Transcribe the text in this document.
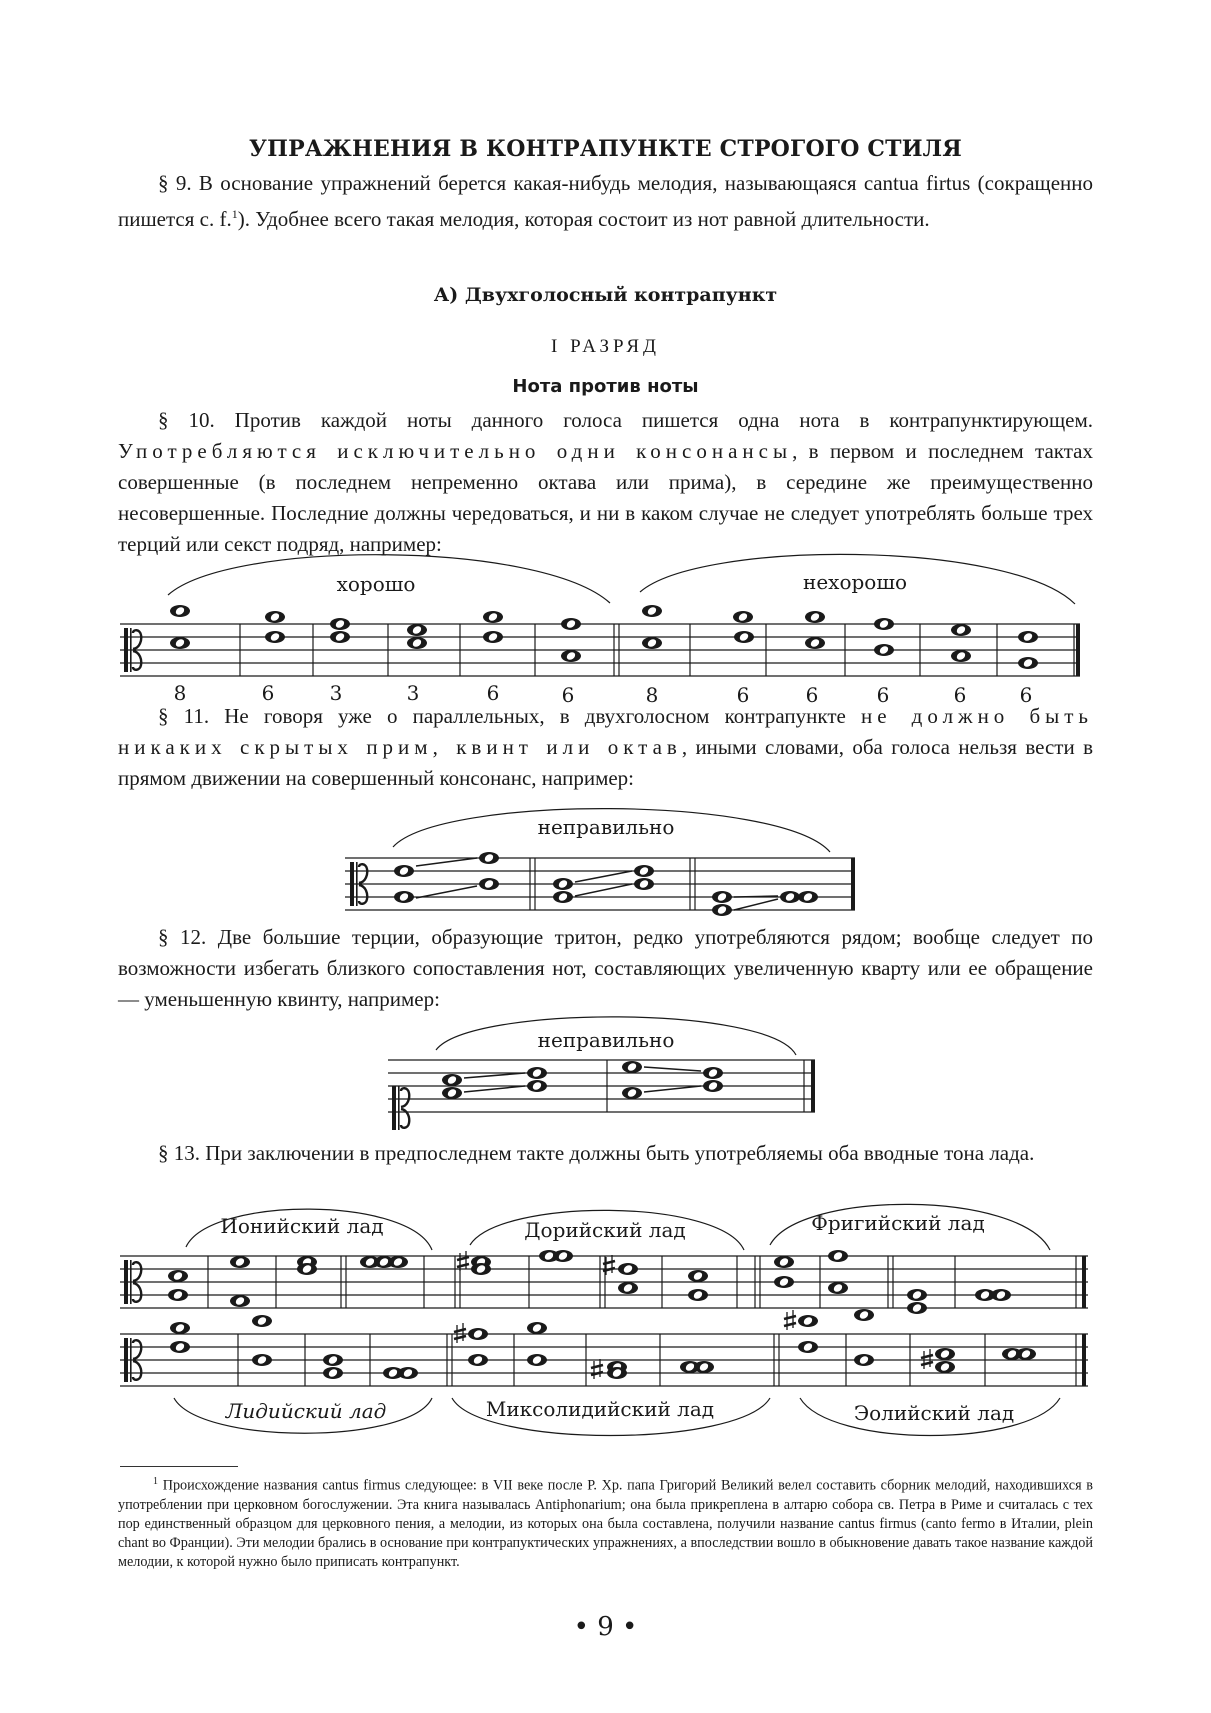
УПРАЖНЕНИЯ В КОНТРАПУНКТЕ СТРОГОГО СТИЛЯ

§ 9. В основание упражнений берется какая-нибудь мелодия, называющаяся cantua firtus (сокращенно пишется c. f.$^1$). Удобнее всего такая мелодия, которая состоит из нот равной длительности.

А) Двухголосный контрапункт
I РАЗРЯД
Нота против ноты

§ 10. Против каждой ноты данного голоса пишется одна нота в контрапунктирующем. Употребляются исключительно одни консонансы, в первом и последнем тактах совершенные (в последнем непременно октава или прима), в середине же преимущественно несовершенные. Последние должны чередоваться, и ни в каком случае не следует употреблять больше трех терций или секст подряд, например:

§ 11. Не говоря уже о параллельных, в двухголосном контрапункте не должно быть никаких скрытых прим, квинт или октав, иными словами, оба голоса нельзя вести в прямом движении на совершенный консонанс, например:

§ 12. Две большие терции, образующие тритон, редко употребляются рядом; вообще следует по возможности избегать близкого сопоставления нот, составляющих увеличенную кварту или ее обращение — уменьшенную квинту, например:

§ 13. При заключении в предпоследнем такте должны быть употребляемы оба вводные тона лада.

хорошо	нехорошо
8	6	3	3	6	6	8	6	6	6	6	6
неправильно
неправильно
Ионийский лад	Дорийский лад	Фригийский лад
Лидийский лад	Миксолидийский лад	Эолийский лад

$^1$ Происхождение названия cantus firmus следующее: в VII веке после Р. Хр. папа Григорий Великий велел составить сборник мелодий, находившихся в употреблении при церковном богослужении. Эта книга называлась Antiphonarium; она была прикреплена в алтарю собора св. Петра в Риме и считалась с тех пор единственный образцом для церковного пения, а мелодии, из которых она была составлена, получили название cantus firmus (canto fermo в Италии, plein chant во Франции). Эти мелодии брались в основание при контрапуктических упражнениях, а впоследствии вошло в обыкновение давать такое название каждой мелодии, к которой нужно было приписать контрапункт.

• 9 •
